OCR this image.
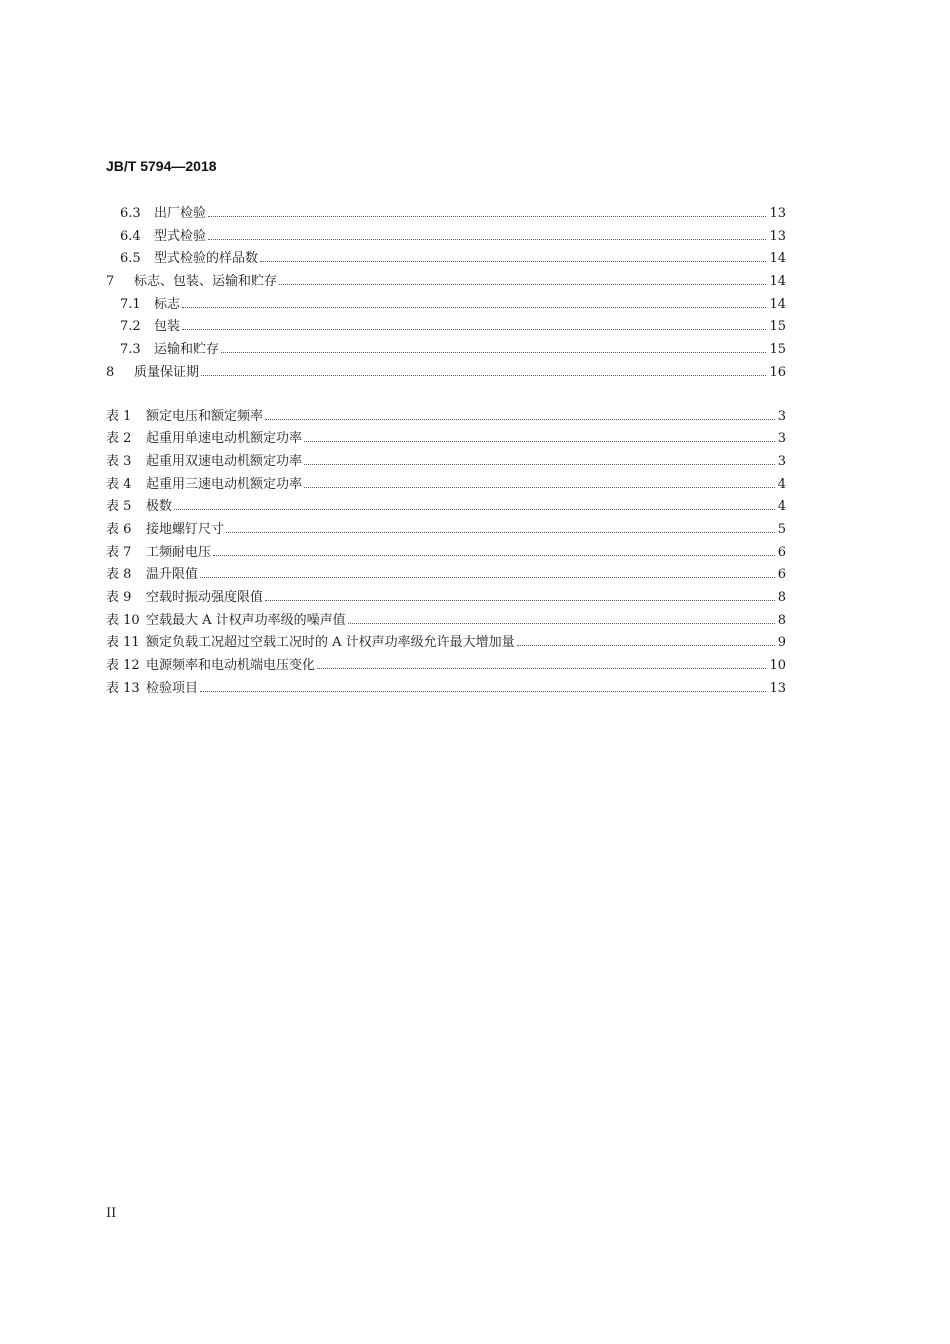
JB/T 5794—2018
6.3	出厂检验	13
6.4	型式检验	13
6.5	型式检验的样品数	14
7	标志、包装、运输和贮存	14
7.1	标志	14
7.2	包装	15
7.3	运输和贮存	15
8	质量保证期	16
表 1	额定电压和额定频率	3
表 2	起重用单速电动机额定功率	3
表 3	起重用双速电动机额定功率	3
表 4	起重用三速电动机额定功率	4
表 5	极数	4
表 6	接地螺钉尺寸	5
表 7	工频耐电压	6
表 8	温升限值	6
表 9	空载时振动强度限值	8
表 10 空载最大 A 计权声功率级的噪声值	8
表 11 额定负载工况超过空载工况时的 A 计权声功率级允许最大增加量	9
表 12 电源频率和电动机端电压变化	10
表 13 检验项目	13
II
